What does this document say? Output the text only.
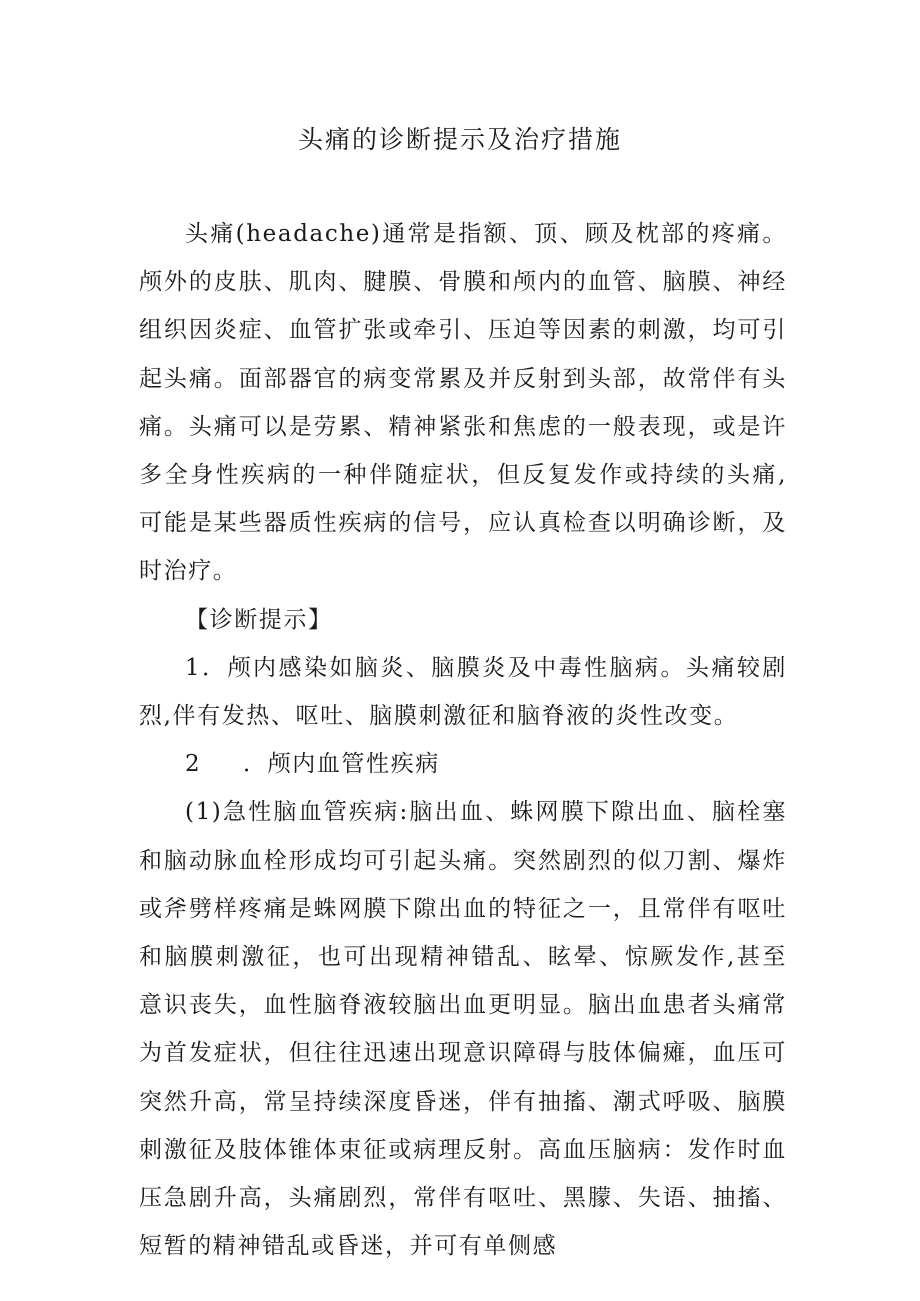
头痛的诊断提示及治疗措施

头痛(headache)通常是指额、顶、顾及枕部的疼痛。颅外的皮肤、肌肉、腱膜、骨膜和颅内的血管、脑膜、神经组织因炎症、血管扩张或牵引、压迫等因素的刺激，均可引起头痛。面部器官的病变常累及并反射到头部，故常伴有头痛。头痛可以是劳累、精神紧张和焦虑的一般表现，或是许多全身性疾病的一种伴随症状，但反复发作或持续的头痛,可能是某些器质性疾病的信号，应认真检查以明确诊断，及时治疗。

【诊断提示】

1．颅内感染如脑炎、脑膜炎及中毒性脑病。头痛较剧烈,伴有发热、呕吐、脑膜刺激征和脑脊液的炎性改变。

2 ．颅内血管性疾病

(1)急性脑血管疾病:脑出血、蛛网膜下隙出血、脑栓塞和脑动脉血栓形成均可引起头痛。突然剧烈的似刀割、爆炸或斧劈样疼痛是蛛网膜下隙出血的特征之一，且常伴有呕吐和脑膜刺激征，也可出现精神错乱、眩晕、惊厥发作,甚至意识丧失，血性脑脊液较脑出血更明显。脑出血患者头痛常为首发症状，但往往迅速出现意识障碍与肢体偏瘫，血压可突然升高，常呈持续深度昏迷，伴有抽搐、潮式呼吸、脑膜刺激征及肢体锥体束征或病理反射。高血压脑病：发作时血压急剧升高，头痛剧烈，常伴有呕吐、黑朦、失语、抽搐、短暂的精神错乱或昏迷，并可有单侧感
